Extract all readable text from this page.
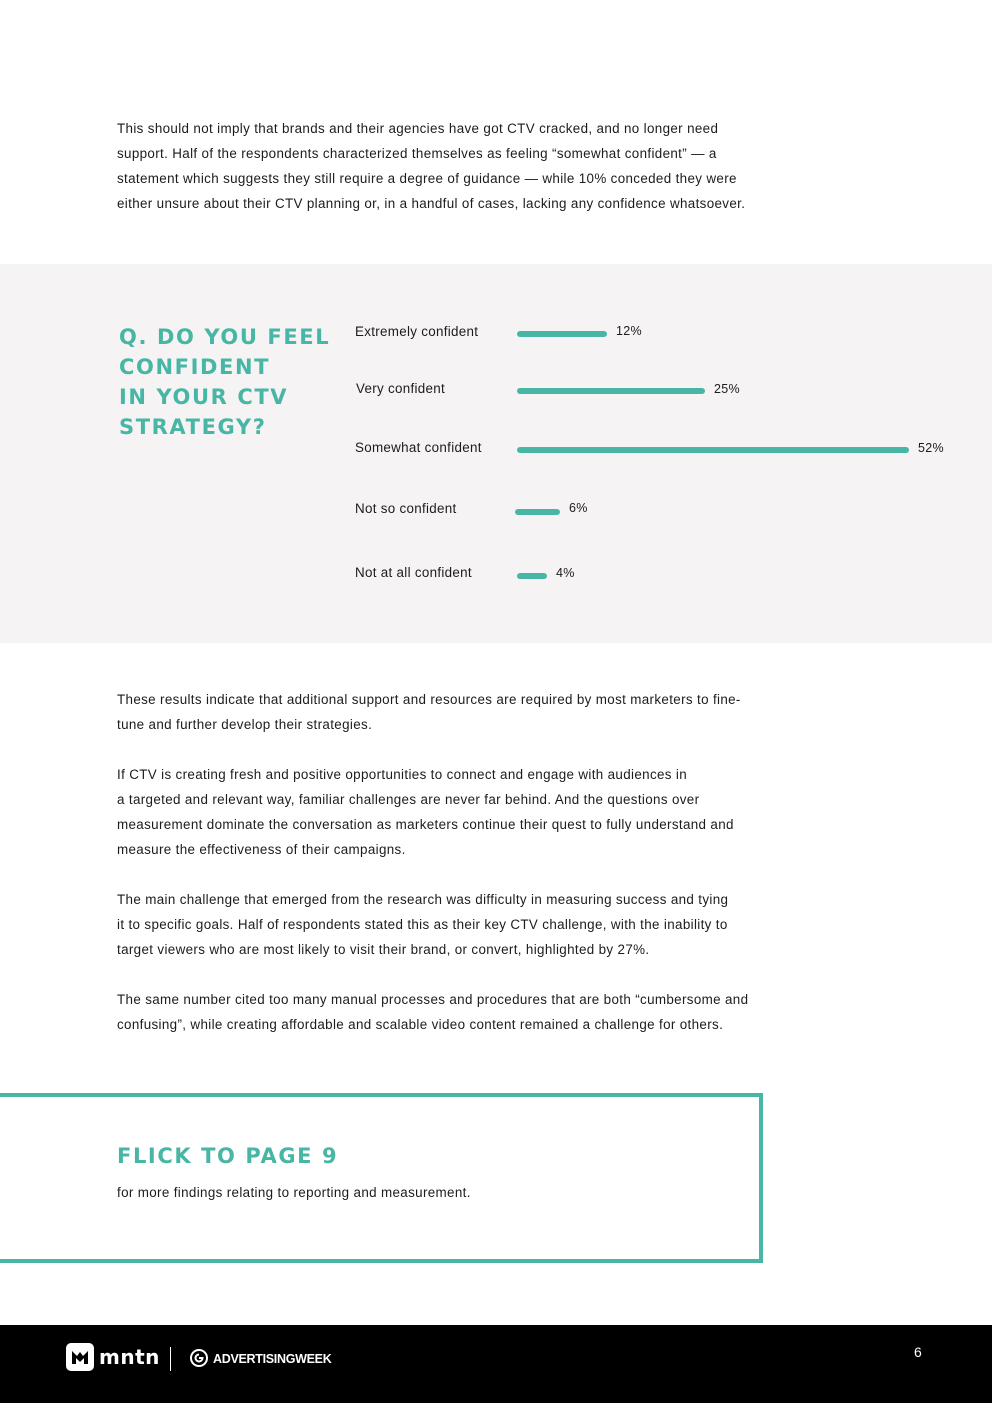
This should not imply that brands and their agencies have got CTV cracked, and no longer need
support. Half of the respondents characterized themselves as feeling “somewhat confident” — a
statement which suggests they still require a degree of guidance — while 10% conceded they were
either unsure about their CTV planning or, in a handful of cases, lacking any confidence whatsoever.

Q. DO YOU FEEL
CONFIDENT
IN YOUR CTV
STRATEGY?
Extremely confident	12%
Very confident	25%
Somewhat confident	52%
Not so confident	6%
Not at all confident	4%

These results indicate that additional support and resources are required by most marketers to fine-
tune and further develop their strategies.

If CTV is creating fresh and positive opportunities to connect and engage with audiences in
a targeted and relevant way, familiar challenges are never far behind. And the questions over
measurement dominate the conversation as marketers continue their quest to fully understand and
measure the effectiveness of their campaigns.

The main challenge that emerged from the research was difficulty in measuring success and tying
it to specific goals. Half of respondents stated this as their key CTV challenge, with the inability to
target viewers who are most likely to visit their brand, or convert, highlighted by 27%.

The same number cited too many manual processes and procedures that are both “cumbersome and
confusing”, while creating affordable and scalable video content remained a challenge for others.

FLICK TO PAGE 9

for more findings relating to reporting and measurement.

mntn	ADVERTISINGWEEK	6
